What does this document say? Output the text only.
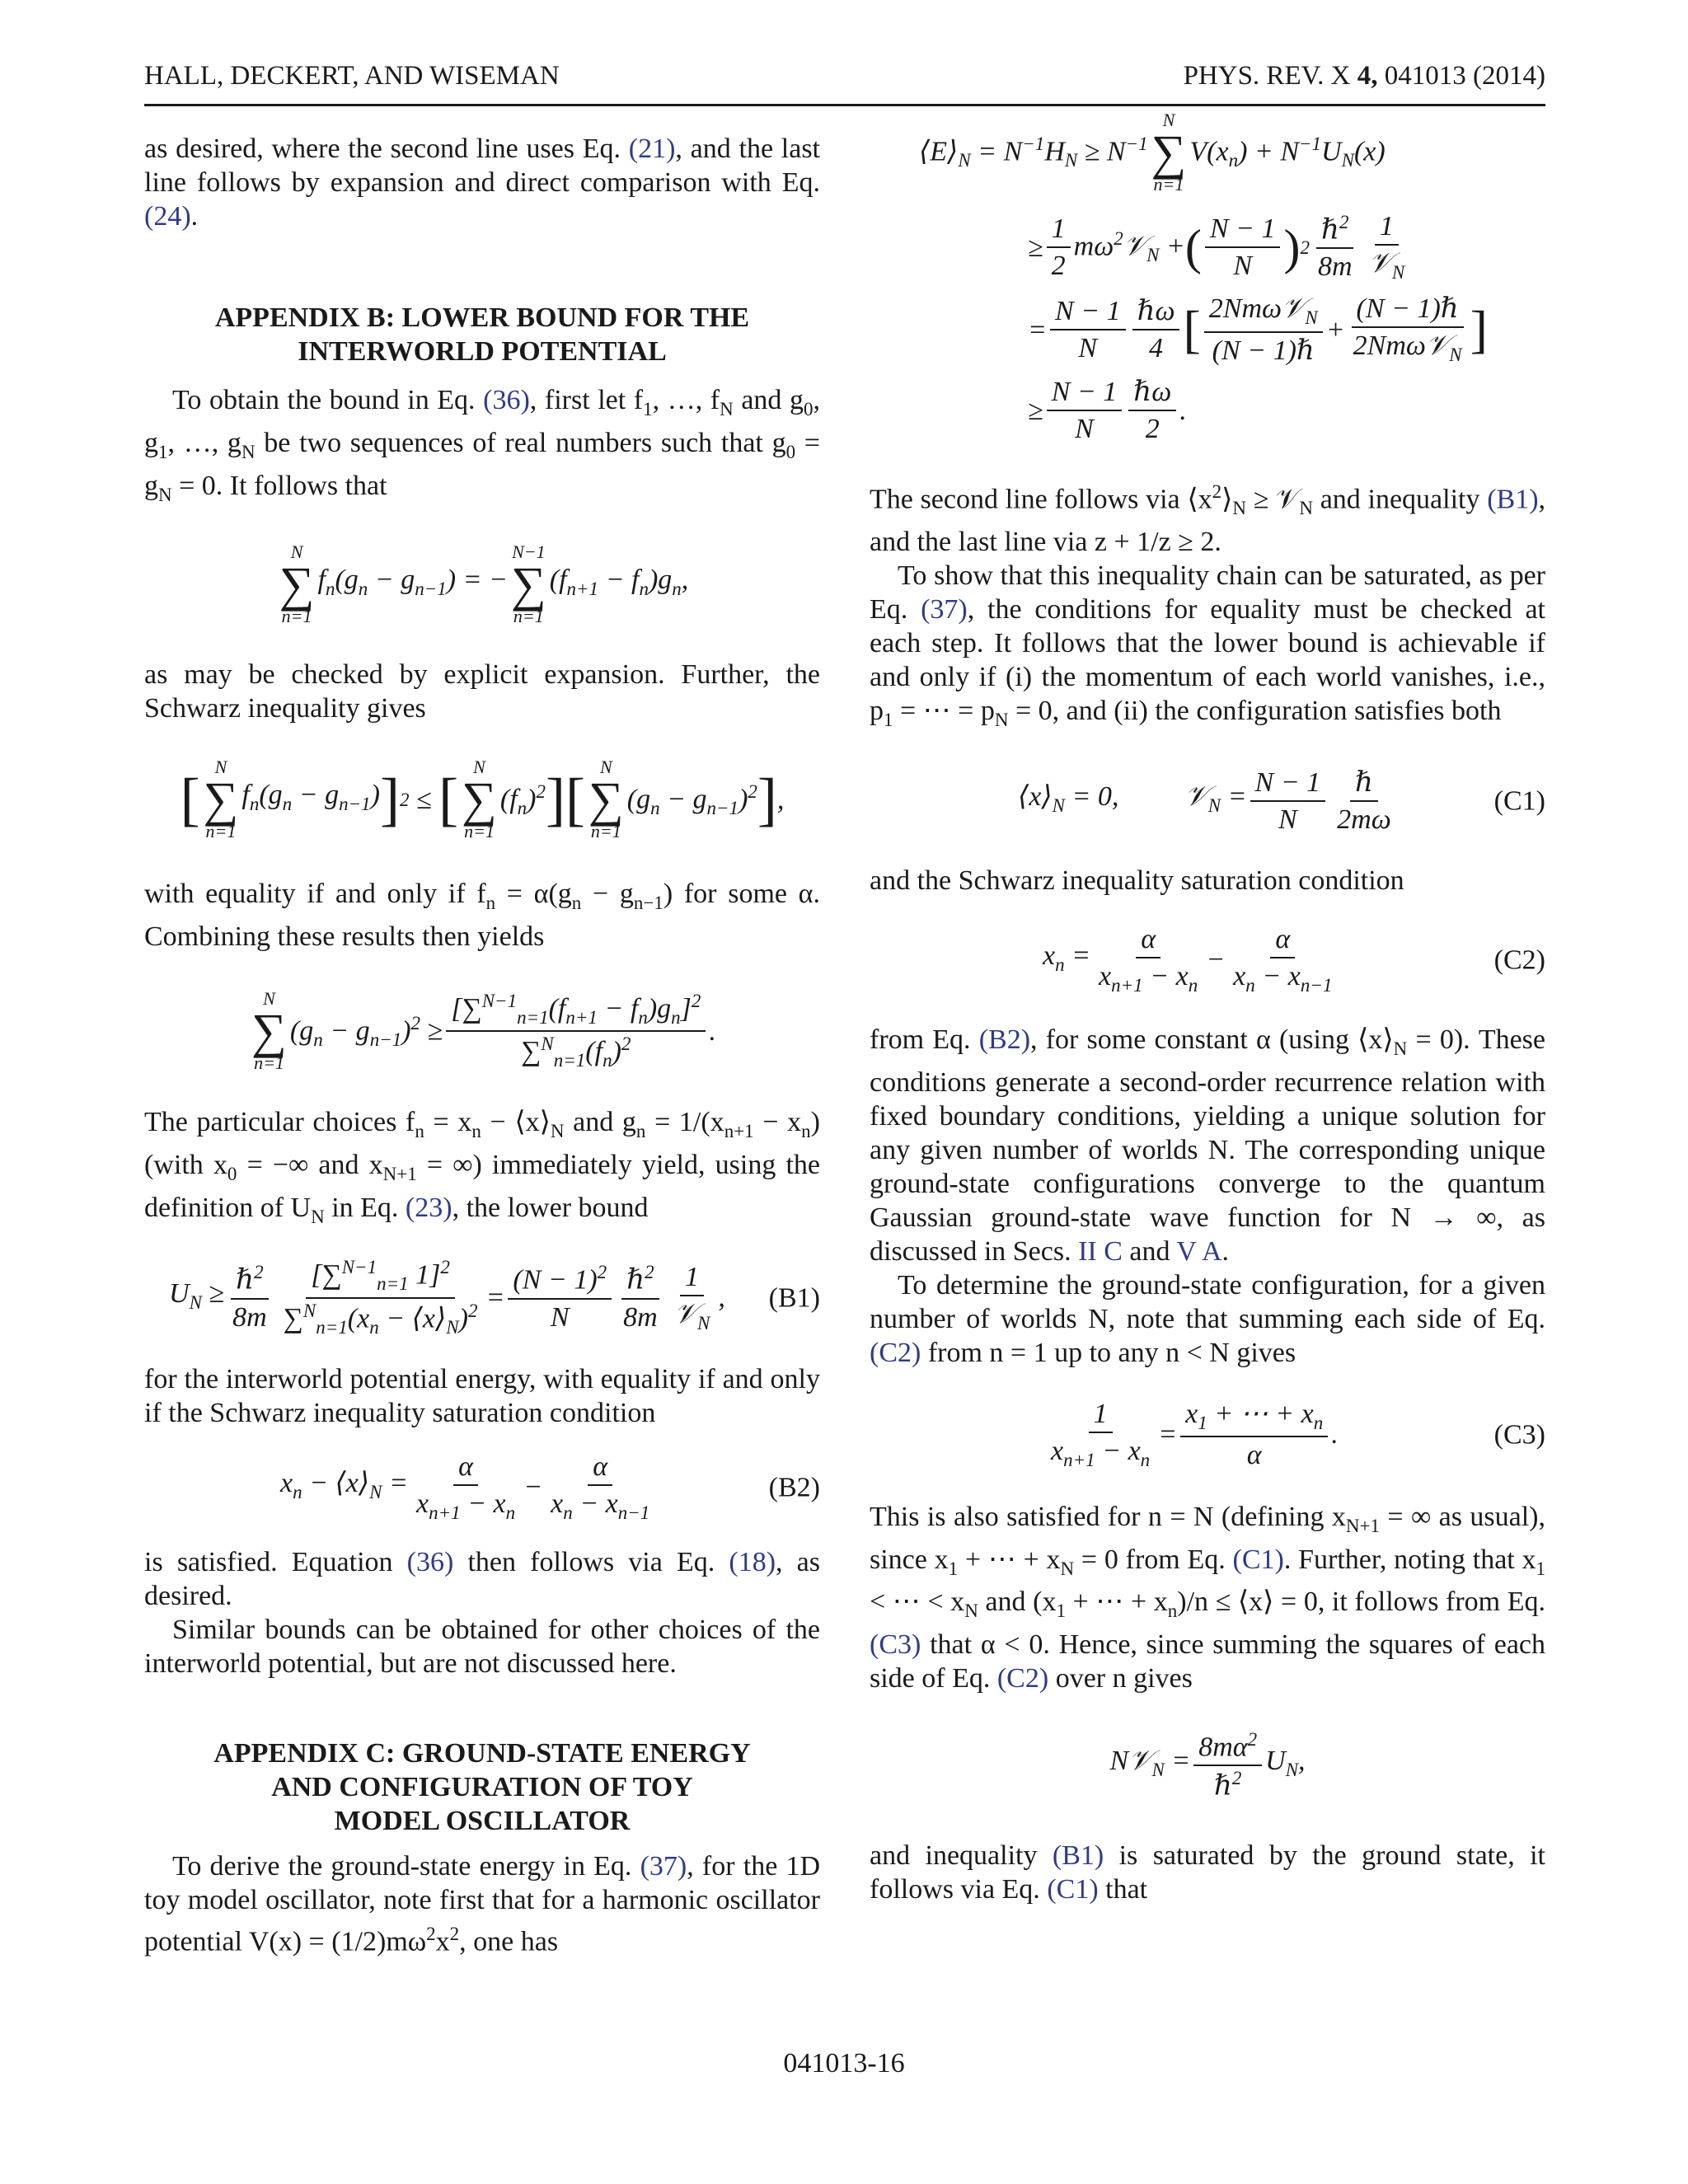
HALL, DECKERT, AND WISEMAN	PHYS. REV. X 4, 041013 (2014)

as desired, where the second line uses Eq. (21), and the last line follows by expansion and direct comparison with Eq. (24).

APPENDIX B: LOWER BOUND FOR THE
INTERWORLD POTENTIAL

To obtain the bound in Eq. (36), first let $f_1$, …, $f_N$ and $g_0$, $g_1$, …, $g_N$ be two sequences of real numbers such that $g_0 = g_N = 0$. It follows that

N
∑
n=1
$f_n(g_n - g_{n-1})$ = −
N−1
∑
n=1
$(f_{n+1} - f_n)g_n$,

as may be checked by explicit expansion. Further, the Schwarz inequality gives

[ N
∑
n=1
$f_n(g_n - g_{n-1})$ ] 2 ≤ [ N
∑
n=1
$(f_n)^2$ ] [ N
∑
n=1
$(g_n - g_{n-1})^2$ ] ,

with equality if and only if $f_n = \alpha(g_n - g_{n-1})$ for some α. Combining these results then yields

N
∑
n=1
$(g_n - g_{n-1})^2 \ge \frac{[\sum^{N-1}_{n=1}(f_{n+1} - f_n)g_n]^2}{\sum^N_{n=1}(f_n)^2}$ .

The particular choices $f_n = x_n$ − $⟨x⟩_N$ and $g_n = 1/(x_{n+1} - x_n)$ (with $x_0$ = −∞ and $x_{N+1}$ = ∞) immediately yield, using the definition of $U_N$ in Eq. (23), the lower bound

$U_N \ge \frac{\hbar^2}{8m} \frac{[\sum^{N-1}_{n=1} 1]^2}{\sum^N_{n=1}(x_n - ⟨x⟩_N)^2} = \frac{(N - 1)^2}{N} \frac{\hbar^2}{8m} \frac{1}{𝒱_N}$ , (B1)

for the interworld potential energy, with equality if and only if the Schwarz inequality saturation condition

$x_n$ − $⟨x⟩_N = \frac{\alpha}{x_{n+1} - x_n} - \frac{\alpha}{x_n - x_{n-1}}$	(B2)

is satisfied. Equation (36) then follows via Eq. (18), as desired.

Similar bounds can be obtained for other choices of the interworld potential, but are not discussed here.

APPENDIX C: GROUND-STATE ENERGY
AND CONFIGURATION OF TOY
MODEL OSCILLATOR

To derive the ground-state energy in Eq. (37), for the 1D toy model oscillator, note first that for a harmonic oscillator potential $V(x) = (1/2)m\omega^2x^2$, one has

$⟨E⟩_N = N^{-1}H_N \ge N^{-1}$
N
∑
n=1
$V(x_n) + N^{-1}U_N(x)$
≥ $\frac{1}{2}$ $m\omega^2𝒱_N$ + ( $\frac{N - 1}{N}$ ) $2 \frac{\hbar^2}{8m} \frac{1}{𝒱_N}$
= $\frac{N - 1}{N} \frac{\text{ℏω}}{4}$ [ $\frac{2Nm\omega 𝒱_N}{\text{(N − 1)ℏ}} + \frac{\text{(N − 1)ℏ}}{2Nm\omega 𝒱_N}$ ]
≥ $\frac{N - 1}{N} \frac{\text{ℏω}}{2}$ .

The second line follows via $⟨x^2⟩_N$ ≥ 𝒱$_N$ and inequality (B1), and the last line via z + 1/z ≥ 2.

To show that this inequality chain can be saturated, as per Eq. (37), the conditions for equality must be checked at each step. It follows that the lower bound is achievable if and only if (i) the momentum of each world vanishes, i.e., $p_1$ = ⋯ = $p_N = 0$, and (ii) the configuration satisfies both

$⟨x⟩_N = 0$, 𝒱$_N$ = $\frac{N - 1}{N} \frac{\text{ℏ}}{2m\omega}$	(C1)

and the Schwarz inequality saturation condition

$x_n = \frac{\alpha}{x_{n+1} - x_n} - \frac{\alpha}{x_n - x_{n-1}}$	(C2)

from Eq. (B2), for some constant α (using $⟨x⟩_N = 0$). These conditions generate a second-order recurrence relation with fixed boundary conditions, yielding a unique solution for any given number of worlds N. The corresponding unique ground-state configurations converge to the quantum Gaussian ground-state wave function for N → ∞, as discussed in Secs. II C and V A.

To determine the ground-state configuration, for a given number of worlds N, note that summing each side of Eq. (C2) from n = 1 up to any n < N gives

$\frac{1}{x_{n+1} - x_n} = \frac{x_1 + \cdots + x_n}{\alpha}$ .	(C3)

This is also satisfied for n = N (defining $x_{N+1}$ = ∞ as usual), since $x_1$ + ⋯ + $x_N = 0$ from Eq. (C1). Further, noting that $x_1$ < ⋯ < $x_N$ and ($x_1$ + ⋯ + $x_n)/n$ ≤ ⟨x⟩ = 0, it follows from Eq. (C3) that α < 0. Hence, since summing the squares of each side of Eq. (C2) over n gives

N𝒱$_N$ = $\frac{8m\alpha^2}{\hbar^2} U_N$,

and inequality (B1) is saturated by the ground state, it follows via Eq. (C1) that

041013-16
